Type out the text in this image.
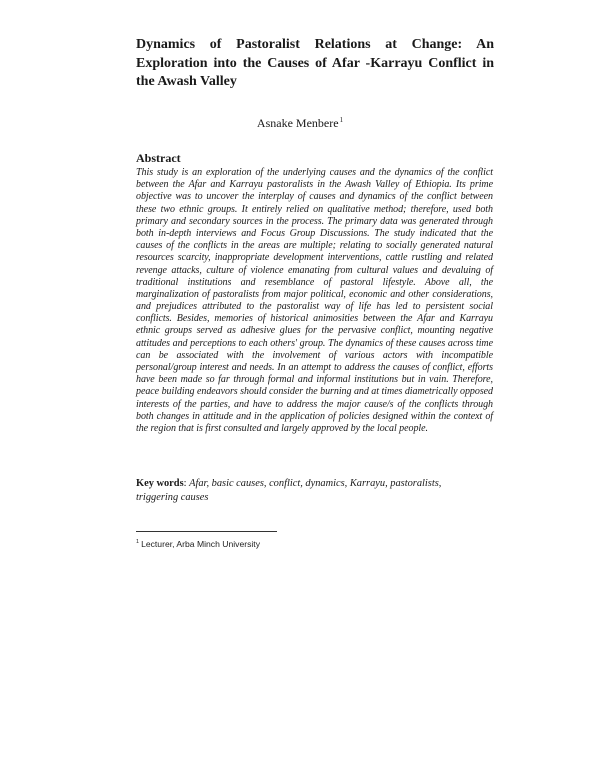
Dynamics of Pastoralist Relations at Change: An Exploration into the Causes of Afar -Karrayu Conflict in the Awash Valley

Asnake Menbere$^1$

Abstract

This study is an exploration of the underlying causes and the dynamics of the conflict between the Afar and Karrayu pastoralists in the Awash Valley of Ethiopia. Its prime objective was to uncover the interplay of causes and dynamics of the conflict between these two ethnic groups. It entirely relied on qualitative method; therefore, used both primary and secondary sources in the process. The primary data was generated through both in-depth interviews and Focus Group Discussions. The study indicated that the causes of the conflicts in the areas are multiple; relating to socially generated natural resources scarcity, inappropriate development interventions, cattle rustling and related revenge attacks, culture of violence emanating from cultural values and devaluing of traditional institutions and resemblance of pastoral lifestyle. Above all, the marginalization of pastoralists from major political, economic and other considerations, and prejudices attributed to the pastoralist way of life has led to persistent social conflicts. Besides, memories of historical animosities between the Afar and Karrayu ethnic groups served as adhesive glues for the pervasive conflict, mounting negative attitudes and perceptions to each others' group. The dynamics of these causes across time can be associated with the involvement of various actors with incompatible personal/group interest and needs. In an attempt to address the causes of conflict, efforts have been made so far through formal and informal institutions but in vain. Therefore, peace building endeavors should consider the burning and at times diametrically opposed interests of the parties, and have to address the major cause/s of the conflicts through both changes in attitude and in the application of policies designed within the context of the region that is first consulted and largely approved by the local people.

Key words: Afar, basic causes, conflict, dynamics, Karrayu, pastoralists, triggering causes

$^1$ Lecturer, Arba Minch University
